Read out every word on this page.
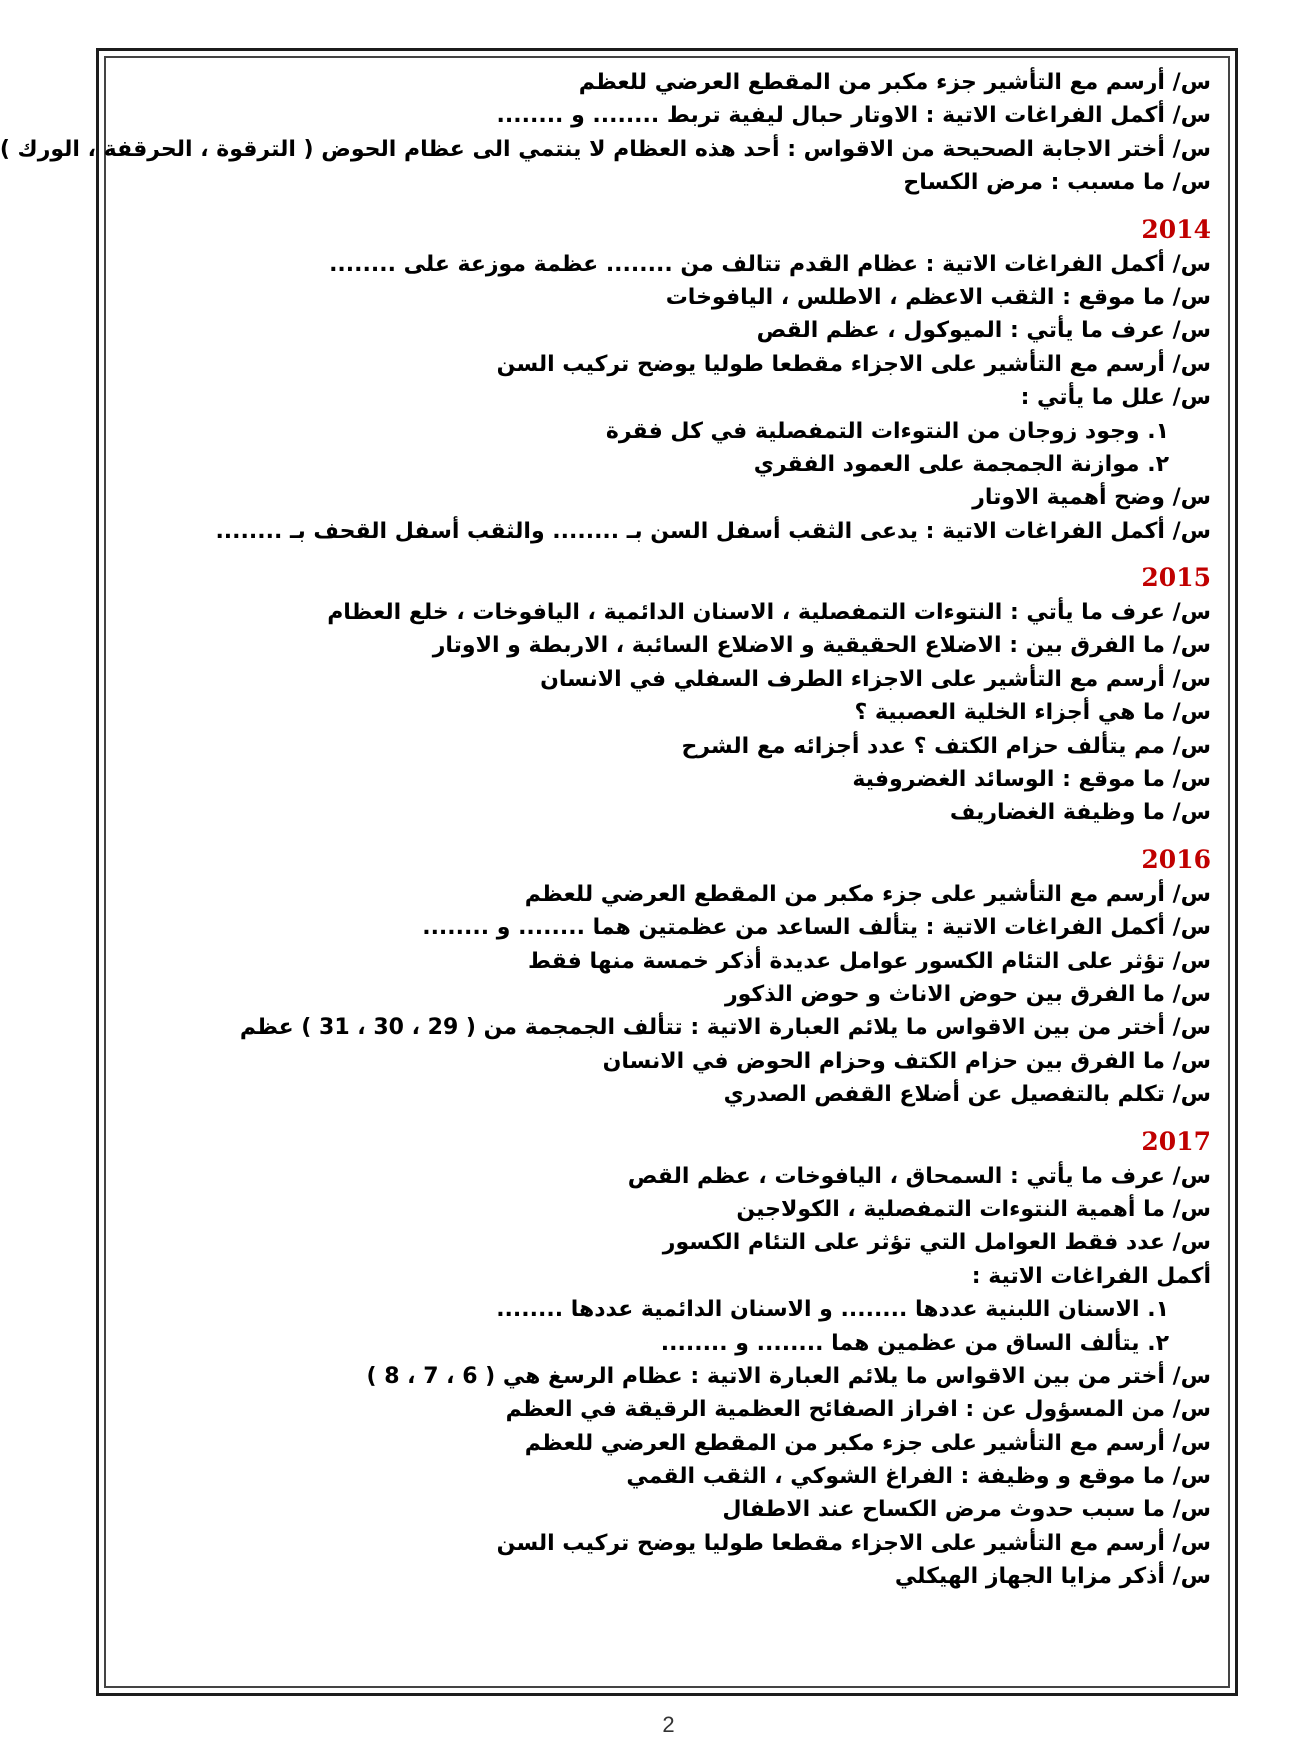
س/ أرسم مع التأشير جزء مكبر من المقطع العرضي للعظم
س/ أكمل الفراغات الاتية : الاوتار حبال ليفية تربط ........ و ........
س/ أختر الاجابة الصحيحة من الاقواس : أحد هذه العظام لا ينتمي الى عظام الحوض ( الترقوة ، الحرقفة ، الورك )
س/ ما مسبب : مرض الكساح
2014
س/ أكمل الفراغات الاتية : عظام القدم تتالف من ........ عظمة موزعة على ........
س/ ما موقع : الثقب الاعظم ، الاطلس ، اليافوخات
س/ عرف ما يأتي : الميوكول ، عظم القص
س/ أرسم مع التأشير على الاجزاء مقطعا طوليا يوضح تركيب السن
س/ علل ما يأتي :
١. وجود زوجان من النتوءات التمفصلية في كل فقرة
٢. موازنة الجمجمة على العمود الفقري
س/ وضح أهمية الاوتار
س/ أكمل الفراغات الاتية : يدعى الثقب أسفل السن بـ ........ والثقب أسفل القحف بـ ........
2015
س/ عرف ما يأتي : النتوءات التمفصلية ، الاسنان الدائمية ، اليافوخات ، خلع العظام
س/ ما الفرق بين : الاضلاع الحقيقية و الاضلاع السائبة ، الاربطة و الاوتار
س/ أرسم مع التأشير على الاجزاء الطرف السفلي في الانسان
س/ ما هي أجزاء الخلية العصبية ؟
س/ مم يتألف حزام الكتف ؟ عدد أجزائه مع الشرح
س/ ما موقع : الوسائد الغضروفية
س/ ما وظيفة الغضاريف
2016
س/ أرسم مع التأشير على جزء مكبر من المقطع العرضي للعظم
س/ أكمل الفراغات الاتية : يتألف الساعد من عظمتين هما ........ و ........
س/ تؤثر على التئام الكسور عوامل عديدة أذكر خمسة منها فقط
س/ ما الفرق بين حوض الاناث و حوض الذكور
س/ أختر من بين الاقواس ما يلائم العبارة الاتية : تتألف الجمجمة من ( 29 ، 30 ، 31 ) عظم
س/ ما الفرق بين حزام الكتف وحزام الحوض في الانسان
س/ تكلم بالتفصيل عن أضلاع القفص الصدري
2017
س/ عرف ما يأتي : السمحاق ، اليافوخات ، عظم القص
س/ ما أهمية النتوءات التمفصلية ، الكولاجين
س/ عدد فقط العوامل التي تؤثر على التئام الكسور
أكمل الفراغات الاتية :
١. الاسنان اللبنية عددها ........ و الاسنان الدائمية عددها ........
٢. يتألف الساق من عظمين هما ........ و ........
س/ أختر من بين الاقواس ما يلائم العبارة الاتية : عظام الرسغ هي ( 6 ، 7 ، 8 )
س/ من المسؤول عن : افراز الصفائح العظمية الرقيقة في العظم
س/ أرسم مع التأشير على جزء مكبر من المقطع العرضي للعظم
س/ ما موقع و وظيفة : الفراغ الشوكي ، الثقب القمي
س/ ما سبب حدوث مرض الكساح عند الاطفال
س/ أرسم مع التأشير على الاجزاء مقطعا طوليا يوضح تركيب السن
س/ أذكر مزايا الجهاز الهيكلي
2
